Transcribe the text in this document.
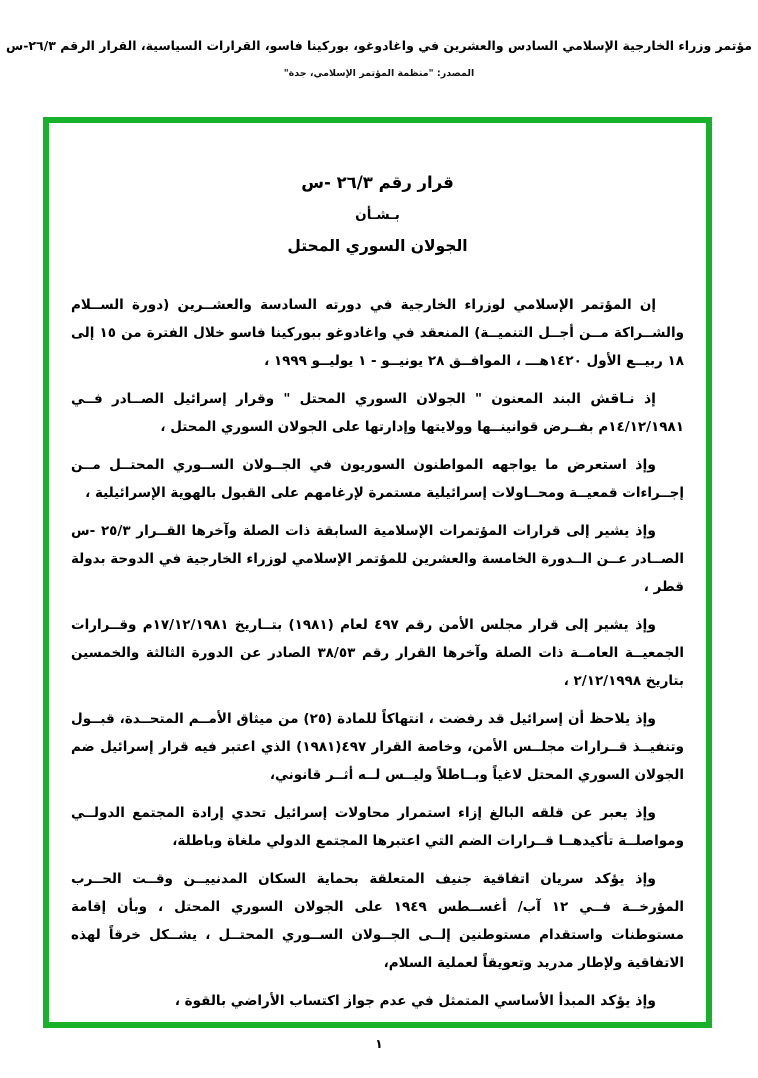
مؤتمر وزراء الخارجية الإسلامي السادس والعشرين في واغادوغو، بوركينا فاسو، القرارات السياسية، القرار الرقم ٢٦/٣-س
المصدر: "منظمة المؤتمر الإسلامي، جدة"
قرار رقم ٢٦/٣ -س
بـشـأن
الجولان السوري المحتل
إن المؤتمر الإسلامي لوزراء الخارجية في دورته السادسة والعشــرين (دورة الســلام والشــراكة مــن أجــل التنميــة) المنعقد في واغادوغو ببوركينا فاسو خلال الفترة من ١٥ إلى ١٨ ربيــع الأول ١٤٢٠هـــ ، الموافــق ٢٨ يونيــو - ١ يوليــو ١٩٩٩ ،
إذ نـاقشالبند المعنون " الجولان السوري المحتل " وقرار إسرائيل الصــادر فــي ١٤/١٢/١٩٨١م بفــرض قوانينــها وولايتها وإدارتها على الجولان السوري المحتل ،
وإذ استعرضما يواجهه المواطنون السوريون في الجــولان الســوري المحتــل مــن إجــراءات قمعيــة ومحــاولات إسرائيلية مستمرة لإرغامهم على القبول بالهوية الإسرائيلية ،
وإذ يشيرإلى قرارات المؤتمرات الإسلامية السابقة ذات الصلة وآخرها القــرار ٢٥/٣ -س الصــادر عــن الــدورة الخامسة والعشرين للمؤتمر الإسلامي لوزراء الخارجية في الدوحة بدولة قطر ،
وإذ يشيرإلى قرار مجلس الأمن رقم ٤٩٧ لعام (١٩٨١) بتــاريخ ١٧/١٢/١٩٨١م وقــرارات الجمعيــة العامــة ذات الصلة وآخرها القرار رقم ٣٨/٥٣ الصادر عن الدورة الثالثة والخمسين بتاريخ ٢/١٢/١٩٩٨ ،
وإذ يلاحظأن إسرائيل قد رفضت ، انتهاكاً للمادة (٢٥) من ميثاق الأمــم المتحــدة، قبــول وتنفيــذ قــرارات مجلــس الأمن، وخاصة القرار ٤٩٧(١٩٨١) الذي اعتبر فيه قرار إسرائيل ضم الجولان السوري المحتل لاغياً وبــاطلاً وليــس لــه أثــر قانوني،
وإذ يعبرعن قلقه البالغ إزاء استمرار محاولات إسرائيل تحدي إرادة المجتمع الدولــي ومواصلــة تأكيدهــا قــرارات الضم التي اعتبرها المجتمع الدولي ملغاة وباطلة،
وإذ يؤكدسريان اتفاقية جنيف المتعلقة بحماية السكان المدنييــن وقــت الحــرب المؤرخــة فــي ١٢ آب/ أغســطس ١٩٤٩ على الجولان السوري المحتل ، وبأن إقامة مستوطنات واستقدام مستوطنين إلــى الجــولان الســوري المحتــل ، يشــكل خرقاً لهذه الاتفاقية ولإطار مدريد وتعويقاً لعملية السلام،
وإذ يؤكدالمبدأ الأساسي المتمثل في عدم جواز اكتساب الأراضي بالقوة ،
١
